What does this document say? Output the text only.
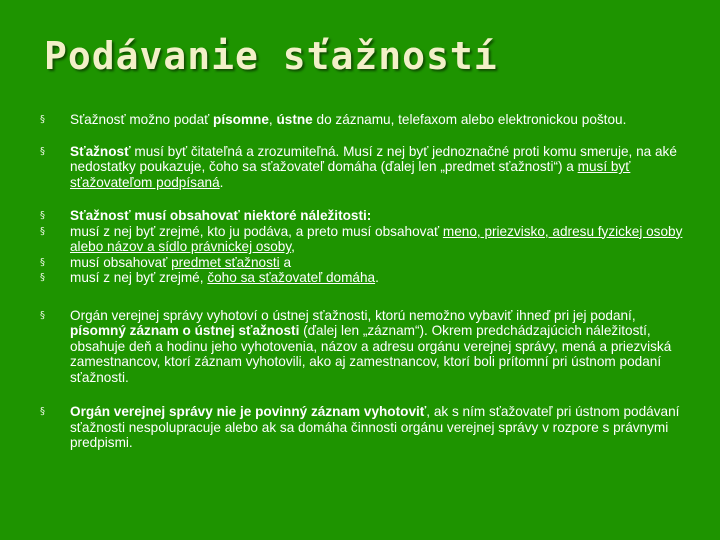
Podávanie sťažností
§ Sťažnosť možno podať písomne, ústne do záznamu, telefaxom alebo elektronickou poštou.
§ Sťažnosť musí byť čitateľná a zrozumiteľná. Musí z nej byť jednoznačné proti komu smeruje, na aké nedostatky poukazuje, čoho sa sťažovateľ domáha (ďalej len „predmet sťažnosti“) a musí byť sťažovateľom podpísaná.
§ Sťažnosť musí obsahovať niektoré náležitosti:
§ musí z nej byť zrejmé, kto ju podáva, a preto musí obsahovať meno, priezvisko, adresu fyzickej osoby alebo názov a sídlo právnickej osoby,
§ musí obsahovať predmet sťažnosti a
§ musí z nej byť zrejmé, čoho sa sťažovateľ domáha.
§ Orgán verejnej správy vyhotoví o ústnej sťažnosti, ktorú nemožno vybaviť ihneď pri jej podaní, písomný záznam o ústnej sťažnosti (ďalej len „záznam“). Okrem predchádzajúcich náležitostí, obsahuje deň a hodinu jeho vyhotovenia, názov a adresu orgánu verejnej správy, mená a priezviská zamestnancov, ktorí záznam vyhotovili, ako aj zamestnancov, ktorí boli prítomní pri ústnom podaní sťažnosti.
§ Orgán verejnej správy nie je povinný záznam vyhotoviť, ak s ním sťažovateľ pri ústnom podávaní sťažnosti nespolupracuje alebo ak sa domáha činnosti orgánu verejnej správy v rozpore s právnymi predpismi.
